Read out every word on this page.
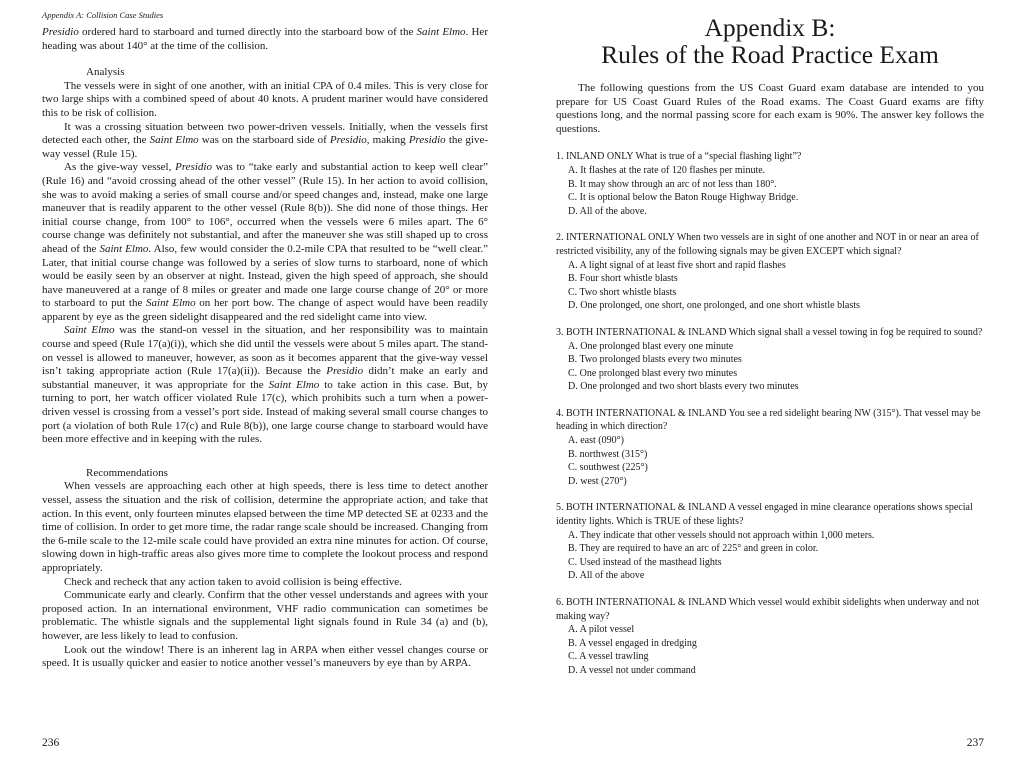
Appendix A: Collision Case Studies

Presidio ordered hard to starboard and turned directly into the starboard bow of the Saint Elmo. Her heading was about 140° at the time of the collision.

Analysis

The vessels were in sight of one another, with an initial CPA of 0.4 miles. This is very close for two large ships with a combined speed of about 40 knots. A prudent mariner would have considered this to be risk of collision.

It was a crossing situation between two power-driven vessels. Initially, when the vessels first detected each other, the Saint Elmo was on the starboard side of Presidio, making Presidio the give-way vessel (Rule 15).

As the give-way vessel, Presidio was to “take early and substantial action to keep well clear” (Rule 16) and “avoid crossing ahead of the other vessel” (Rule 15). In her action to avoid collision, she was to avoid making a series of small course and/or speed changes and, instead, make one large maneuver that is readily apparent to the other vessel (Rule 8(b)). She did none of those things. Her initial course change, from 100° to 106°, occurred when the vessels were 6 miles apart. The 6° course change was definitely not substantial, and after the maneuver she was still shaped up to cross ahead of the Saint Elmo. Also, few would consider the 0.2-mile CPA that resulted to be “well clear.” Later, that initial course change was followed by a series of slow turns to starboard, none of which would be easily seen by an observer at night. Instead, given the high speed of approach, she should have maneuvered at a range of 8 miles or greater and made one large course change of 20° or more to starboard to put the Saint Elmo on her port bow. The change of aspect would have been readily apparent by eye as the green sidelight disappeared and the red sidelight came into view.

Saint Elmo was the stand-on vessel in the situation, and her responsibility was to maintain course and speed (Rule 17(a)(i)), which she did until the vessels were about 5 miles apart. The stand-on vessel is allowed to maneuver, however, as soon as it becomes apparent that the give-way vessel isn’t taking appropriate action (Rule 17(a)(ii)). Because the Presidio didn’t make an early and substantial maneuver, it was appropriate for the Saint Elmo to take action in this case. But, by turning to port, her watch officer violated Rule 17(c), which prohibits such a turn when a power-driven vessel is crossing from a vessel’s port side. Instead of making several small course changes to port (a violation of both Rule 17(c) and Rule 8(b)), one large course change to starboard would have been more effective and in keeping with the rules.

Recommendations

When vessels are approaching each other at high speeds, there is less time to detect another vessel, assess the situation and the risk of collision, determine the appropriate action, and take that action. In this event, only fourteen minutes elapsed between the time MP detected SE at 0233 and the time of collision. In order to get more time, the radar range scale should be increased. Changing from the 6-mile scale to the 12-mile scale could have provided an extra nine minutes for action. Of course, slowing down in high-traffic areas also gives more time to complete the lookout process and respond appropriately.

Check and recheck that any action taken to avoid collision is being effective.

Communicate early and clearly. Confirm that the other vessel understands and agrees with your proposed action. In an international environment, VHF radio communication can sometimes be problematic. The whistle signals and the supplemental light signals found in Rule 34 (a) and (b), however, are less likely to lead to confusion.

Look out the window! There is an inherent lag in ARPA when either vessel changes course or speed. It is usually quicker and easier to notice another vessel’s maneuvers by eye than by ARPA.

236
Appendix B:
Rules of the Road Practice Exam

The following questions from the US Coast Guard exam database are intended to you prepare for US Coast Guard Rules of the Road exams. The Coast Guard exams are fifty questions long, and the normal passing score for each exam is 90%. The answer key follows the questions.

1. INLAND ONLY What is true of a “special flashing light”?

A. It flashes at the rate of 120 flashes per minute.

B. It may show through an arc of not less than 180°.

C. It is optional below the Baton Rouge Highway Bridge.

D. All of the above.

2. INTERNATIONAL ONLY When two vessels are in sight of one another and NOT in or near an area of restricted visibility, any of the following signals may be given EXCEPT which signal?

A. A light signal of at least five short and rapid flashes

B. Four short whistle blasts

C. Two short whistle blasts

D. One prolonged, one short, one prolonged, and one short whistle blasts

3. BOTH INTERNATIONAL & INLAND Which signal shall a vessel towing in fog be required to sound?

A. One prolonged blast every one minute

B. Two prolonged blasts every two minutes

C. One prolonged blast every two minutes

D. One prolonged and two short blasts every two minutes

4. BOTH INTERNATIONAL & INLAND You see a red sidelight bearing NW (315°). That vessel may be heading in which direction?

A. east (090°)

B. northwest (315°)

C. southwest (225°)

D. west (270°)

5. BOTH INTERNATIONAL & INLAND A vessel engaged in mine clearance operations shows special identity lights. Which is TRUE of these lights?

A. They indicate that other vessels should not approach within 1,000 meters.

B. They are required to have an arc of 225° and green in color.

C. Used instead of the masthead lights

D. All of the above

6. BOTH INTERNATIONAL & INLAND Which vessel would exhibit sidelights when underway and not making way?

A. A pilot vessel

B. A vessel engaged in dredging

C. A vessel trawling

D. A vessel not under command

237
